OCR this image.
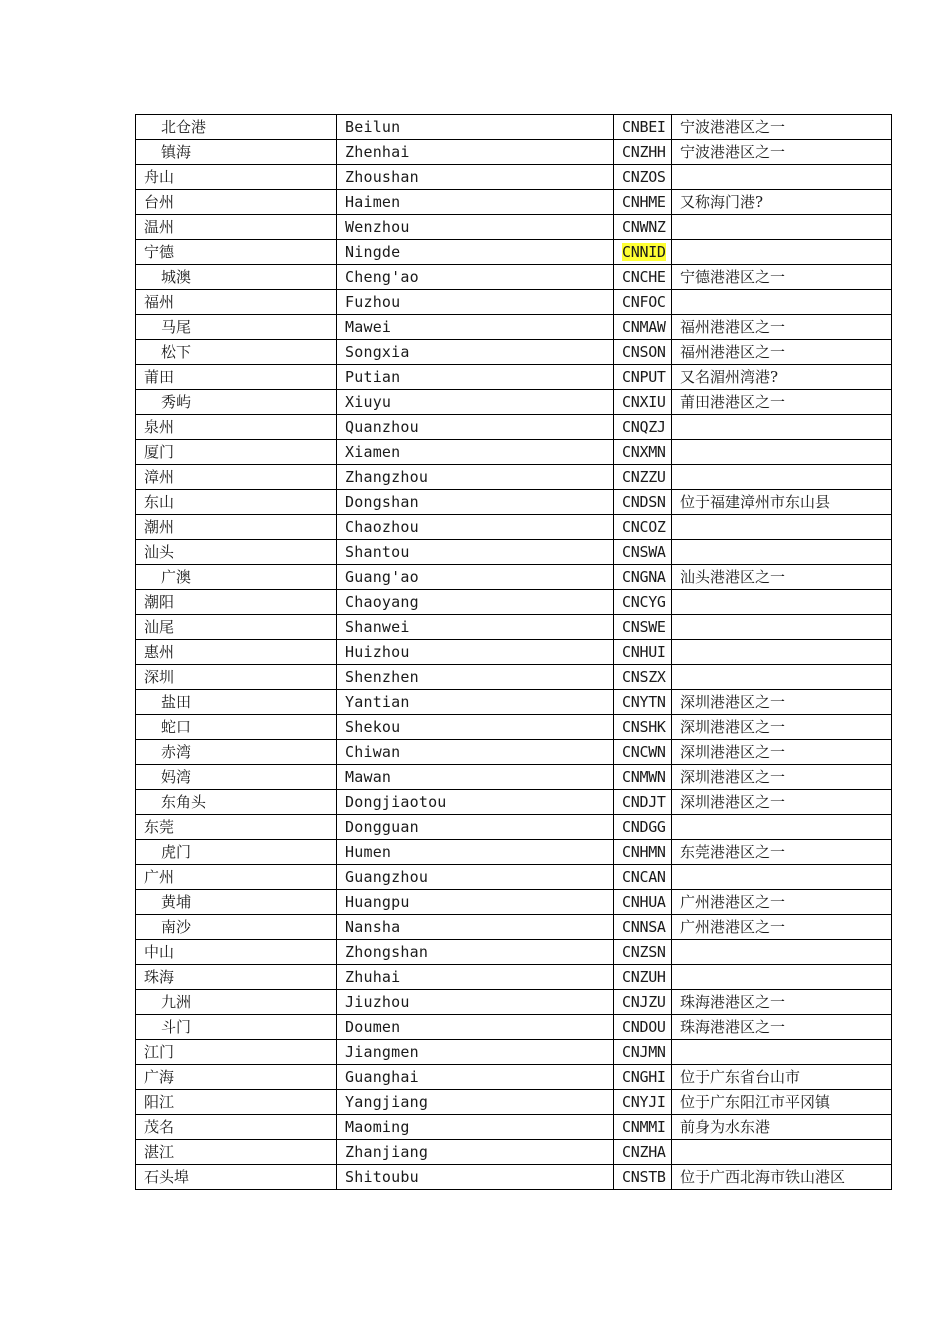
北仓港	Beilun	CNBEI	宁波港港区之一
镇海	Zhenhai	CNZHH	宁波港港区之一
舟山	Zhoushan	CNZOS	
台州	Haimen	CNHME	又称海门港?
温州	Wenzhou	CNWNZ	
宁德	Ningde	CNNID	
城澳	Cheng'ao	CNCHE	宁德港港区之一
福州	Fuzhou	CNFOC	
马尾	Mawei	CNMAW	福州港港区之一
松下	Songxia	CNSON	福州港港区之一
莆田	Putian	CNPUT	又名湄州湾港?
秀屿	Xiuyu	CNXIU	莆田港港区之一
泉州	Quanzhou	CNQZJ	
厦门	Xiamen	CNXMN	
漳州	Zhangzhou	CNZZU	
东山	Dongshan	CNDSN	位于福建漳州市东山县
潮州	Chaozhou	CNCOZ	
汕头	Shantou	CNSWA	
广澳	Guang'ao	CNGNA	汕头港港区之一
潮阳	Chaoyang	CNCYG	
汕尾	Shanwei	CNSWE	
惠州	Huizhou	CNHUI	
深圳	Shenzhen	CNSZX	
盐田	Yantian	CNYTN	深圳港港区之一
蛇口	Shekou	CNSHK	深圳港港区之一
赤湾	Chiwan	CNCWN	深圳港港区之一
妈湾	Mawan	CNMWN	深圳港港区之一
东角头	Dongjiaotou	CNDJT	深圳港港区之一
东莞	Dongguan	CNDGG	
虎门	Humen	CNHMN	东莞港港区之一
广州	Guangzhou	CNCAN	
黄埔	Huangpu	CNHUA	广州港港区之一
南沙	Nansha	CNNSA	广州港港区之一
中山	Zhongshan	CNZSN	
珠海	Zhuhai	CNZUH	
九洲	Jiuzhou	CNJZU	珠海港港区之一
斗门	Doumen	CNDOU	珠海港港区之一
江门	Jiangmen	CNJMN	
广海	Guanghai	CNGHI	位于广东省台山市
阳江	Yangjiang	CNYJI	位于广东阳江市平冈镇
茂名	Maoming	CNMMI	前身为水东港
湛江	Zhanjiang	CNZHA	
石头埠	Shitoubu	CNSTB	位于广西北海市铁山港区
